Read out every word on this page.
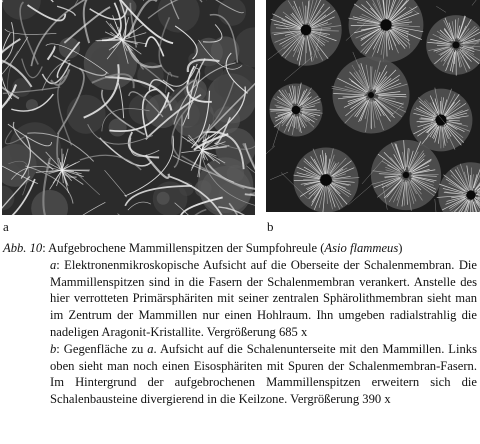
a	b
Abb. 10: Aufgebrochene Mammillenspitzen der Sumpfohreule (Asio flammeus)

a: Elektronenmikroskopische Aufsicht auf die Oberseite der Schalenmembran. Die Mammillenspitzen sind in die Fasern der Schalenmembran verankert. Anstelle des hier verrotteten Primärsphäriten mit seiner zentralen Sphärolithmembran sieht man im Zentrum der Mammillen nur einen Hohlraum. Ihn umgeben radialstrahlig die nadeligen Aragonit-Kristallite. Vergrößerung 685 x

b: Gegenfläche zu a. Aufsicht auf die Schalenunterseite mit den Mammillen. Links oben sieht man noch einen Eisosphäriten mit Spuren der Schalenmembran-Fasern. Im Hintergrund der aufgebrochenen Mammillenspitzen erweitern sich die Schalenbausteine divergierend in die Keilzone. Vergrößerung 390 x
